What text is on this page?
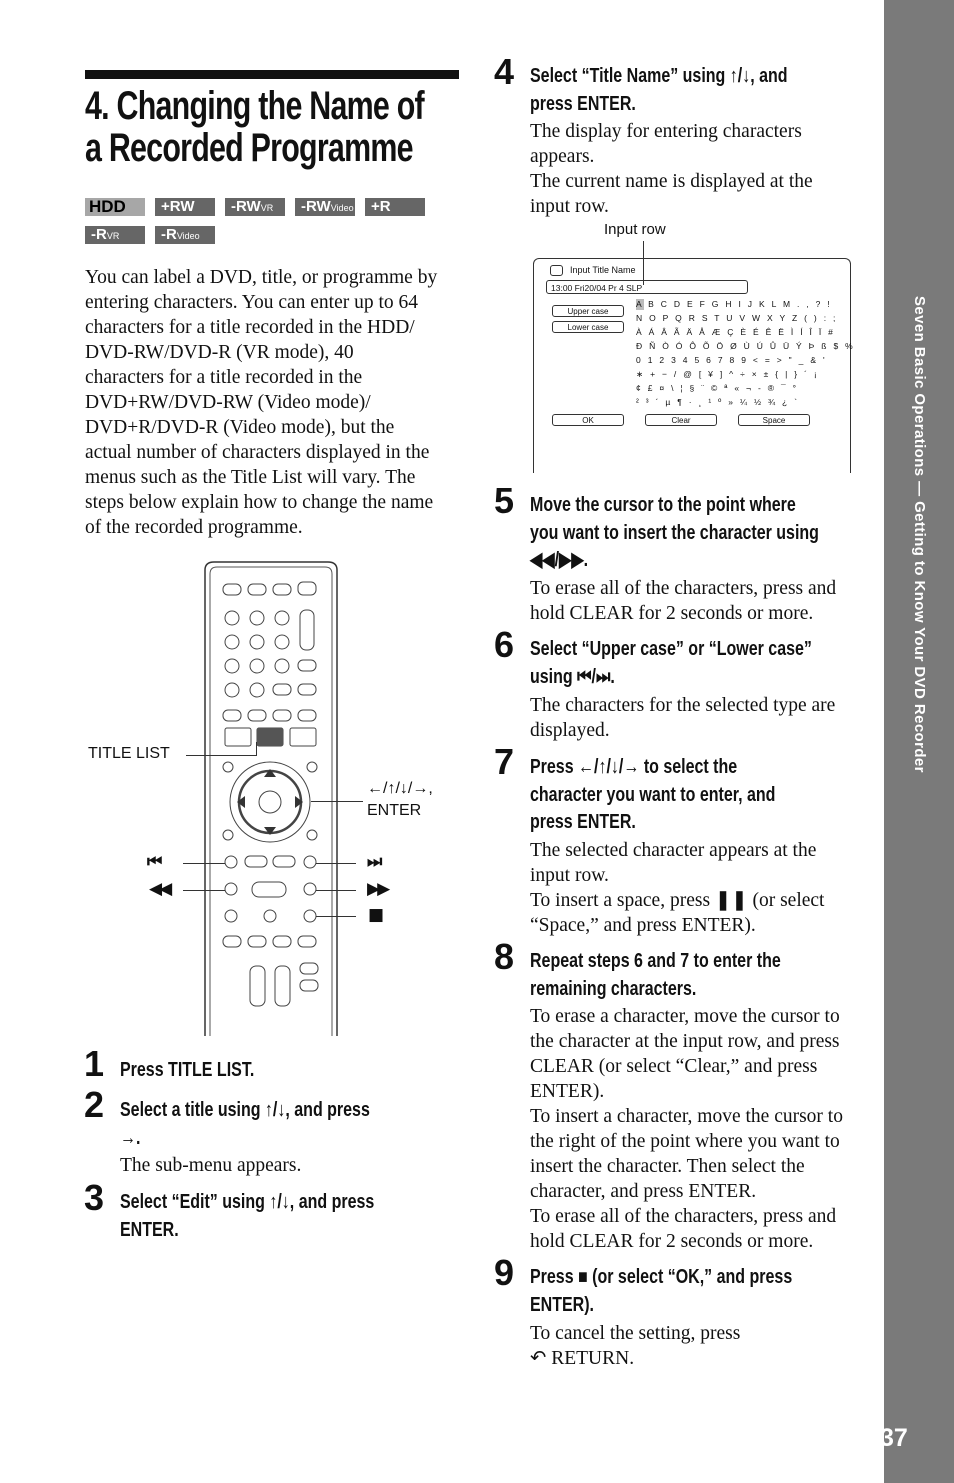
Seven Basic Operations — Getting to Know Your DVD Recorder
37
4. Changing the Name of
a Recorded Programme
HDD	+RW	-RWVR	-RWVideo	+R
-RVR	-RVideo
You can label a DVD, title, or programme by
entering characters. You can enter up to 64
characters for a title recorded in the HDD/
DVD-RW/DVD-R (VR mode), 40
characters for a title recorded in the
DVD+RW/DVD-RW (Video mode)/
DVD+R/DVD-R (Video mode), but the
actual number of characters displayed in the
menus such as the Title List will vary. The
steps below explain how to change the name
of the recorded programme.
TITLE LIST
←/↑/↓/→,
ENTER
⏮
◀◀
⏭
▶▶
■
1 Press TITLE LIST.
2 Select a title using ↑/↓, and press
→.
The sub-menu appears.
3 Select “Edit” using ↑/↓, and press
ENTER.
4 Select “Title Name” using ↑/↓, and
press ENTER.
The display for entering characters
appears.
The current name is displayed at the
input row.
Input row
Input Title Name
13:00 Fri20/04 Pr 4 SLP
Upper case
Lower case
A B C D E F G H I J K L M . , ? !
N O P Q R S T U V W X Y Z ( ) : ;
À Á Â Ã Ä Å Æ Ç È É Ê Ë Ì Í Î Ï #
Ð Ñ Ò Ó Ô Õ Ö Ø Ù Ú Û Ü Ý Þ ß $ %
0 1 2 3 4 5 6 7 8 9 < = > " _ & '
∗ + − / @ [ ¥ ] ^ ÷ × ± { | } ´ ¡
¢ £ ¤ \ ¦ § ¨ © ª « ¬ - ® ¯ °
² ³ ´ µ ¶ · ¸ ¹ º » ¼ ½ ¾ ¿ `
OK	Clear	Space
5 Move the cursor to the point where
you want to insert the character using
◀◀/▶▶.
To erase all of the characters, press and
hold CLEAR for 2 seconds or more.
6 Select “Upper case” or “Lower case”
using ⏮/⏭.
The characters for the selected type are
displayed.
7 Press ←/↑/↓/→ to select the
character you want to enter, and
press ENTER.
The selected character appears at the
input row.
To insert a space, press ❚❚ (or select
“Space,” and press ENTER).
8 Repeat steps 6 and 7 to enter the
remaining characters.
To erase a character, move the cursor to
the character at the input row, and press
CLEAR (or select “Clear,” and press
ENTER).
To insert a character, move the cursor to
the right of the point where you want to
insert the character. Then select the
character, and press ENTER.
To erase all of the characters, press and
hold CLEAR for 2 seconds or more.
9 Press ■ (or select “OK,” and press
ENTER).
To cancel the setting, press
↶ RETURN.
